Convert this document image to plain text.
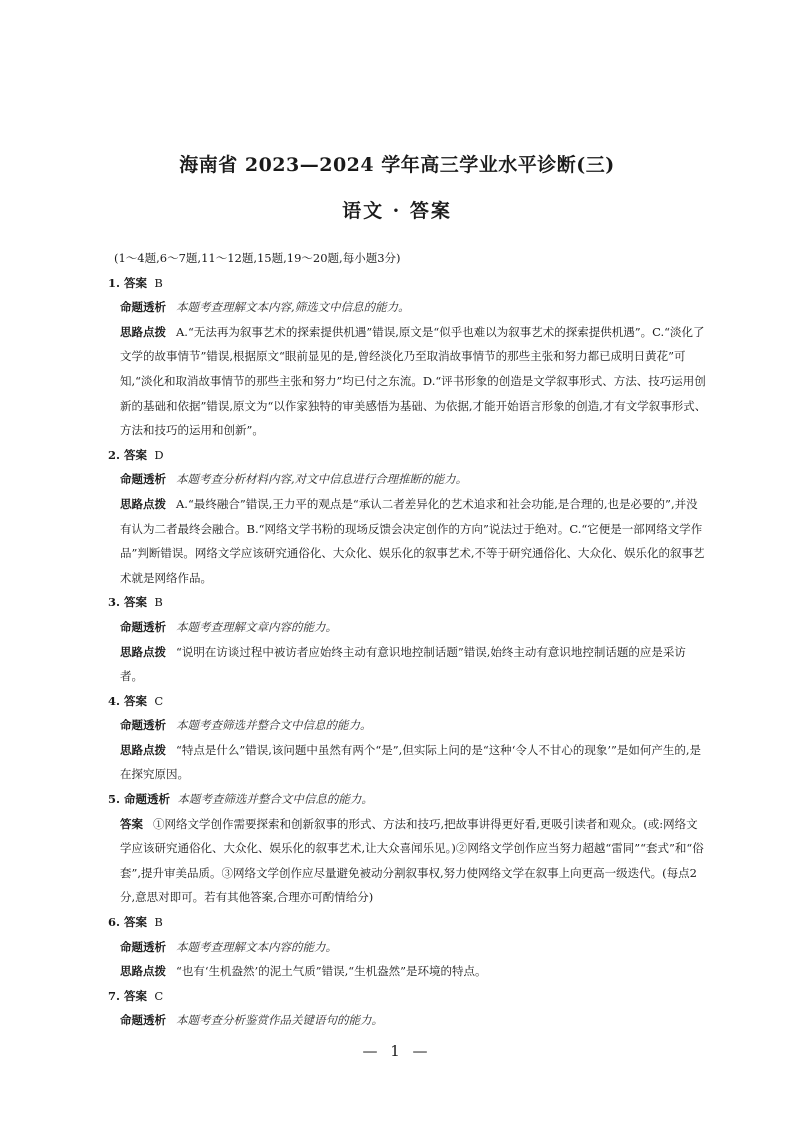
海南省 2023—2024 学年高三学业水平诊断(三)
语文 · 答案
(1～4题,6～7题,11～12题,15题,19～20题,每小题3分)
1. 答案 B
命题透析 本题考查理解文本内容,筛选文中信息的能力。
思路点拨 A.“无法再为叙事艺术的探索提供机遇”错误,原文是“似乎也难以为叙事艺术的探索提供机遇”。C.“淡化了文学的故事情节”错误,根据原文“眼前显见的是,曾经淡化乃至取消故事情节的那些主张和努力都已成明日黄花”可知,“淡化和取消故事情节的那些主张和努力”均已付之东流。D.“评书形象的创造是文学叙事形式、方法、技巧运用创新的基础和依据”错误,原文为“以作家独特的审美感悟为基础、为依据,才能开始语言形象的创造,才有文学叙事形式、方法和技巧的运用和创新”。
2. 答案 D
命题透析 本题考查分析材料内容,对文中信息进行合理推断的能力。
思路点拨 A.“最终融合”错误,王力平的观点是“承认二者差异化的艺术追求和社会功能,是合理的,也是必要的”,并没有认为二者最终会融合。B.“网络文学书粉的现场反馈会决定创作的方向”说法过于绝对。C.“它便是一部网络文学作品”判断错误。网络文学应该研究通俗化、大众化、娱乐化的叙事艺术,不等于研究通俗化、大众化、娱乐化的叙事艺术就是网络作品。
3. 答案 B
命题透析 本题考查理解文章内容的能力。
思路点拨 “说明在访谈过程中被访者应始终主动有意识地控制话题”错误,始终主动有意识地控制话题的应是采访者。
4. 答案 C
命题透析 本题考查筛选并整合文中信息的能力。
思路点拨 “特点是什么”错误,该问题中虽然有两个“是”,但实际上问的是“这种‘令人不甘心的现象’”是如何产生的,是在探究原因。
5. 命题透析 本题考查筛选并整合文中信息的能力。
答案 ①网络文学创作需要探索和创新叙事的形式、方法和技巧,把故事讲得更好看,更吸引读者和观众。(或:网络文学应该研究通俗化、大众化、娱乐化的叙事艺术,让大众喜闻乐见。)②网络文学创作应当努力超越“雷同”“套式”和“俗套”,提升审美品质。③网络文学创作应尽量避免被动分割叙事权,努力使网络文学在叙事上向更高一级迭代。(每点2分,意思对即可。若有其他答案,合理亦可酌情给分)
6. 答案 B
命题透析 本题考查理解文本内容的能力。
思路点拨 “也有‘生机盎然’的泥土气质”错误,“生机盎然”是环境的特点。
7. 答案 C
命题透析 本题考查分析鉴赏作品关键语句的能力。
— 1 —
